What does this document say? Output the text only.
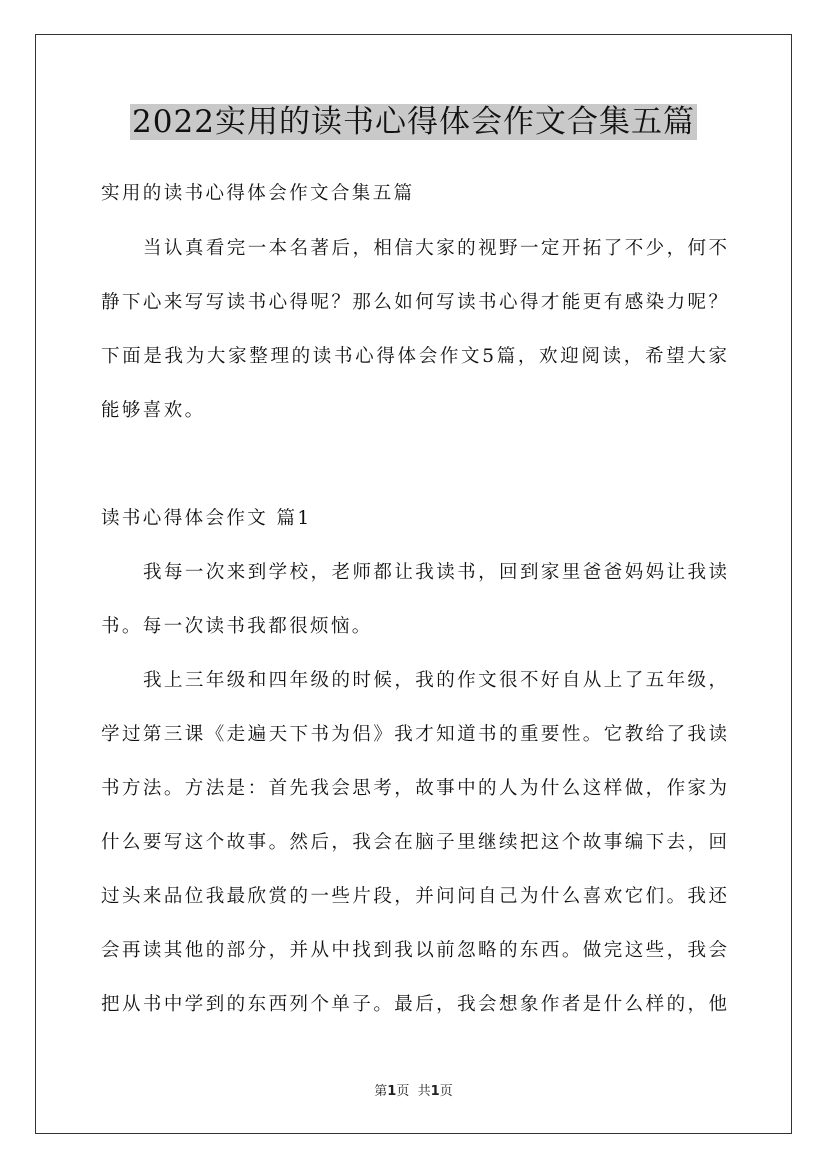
2022实用的读书心得体会作文合集五篇
实用的读书心得体会作文合集五篇
当认真看完一本名著后，相信大家的视野一定开拓了不少，何不
静下心来写写读书心得呢？那么如何写读书心得才能更有感染力呢？
下面是我为大家整理的读书心得体会作文5篇，欢迎阅读，希望大家
能够喜欢。
读书心得体会作文 篇1
我每一次来到学校，老师都让我读书，回到家里爸爸妈妈让我读
书。每一次读书我都很烦恼。
我上三年级和四年级的时候，我的作文很不好自从上了五年级，
学过第三课《走遍天下书为侣》我才知道书的重要性。它教给了我读
书方法。方法是：首先我会思考，故事中的人为什么这样做，作家为
什么要写这个故事。然后，我会在脑子里继续把这个故事编下去，回
过头来品位我最欣赏的一些片段，并问问自己为什么喜欢它们。我还
会再读其他的部分，并从中找到我以前忽略的东西。做完这些，我会
把从书中学到的东西列个单子。最后，我会想象作者是什么样的，他
第1页 共1页
